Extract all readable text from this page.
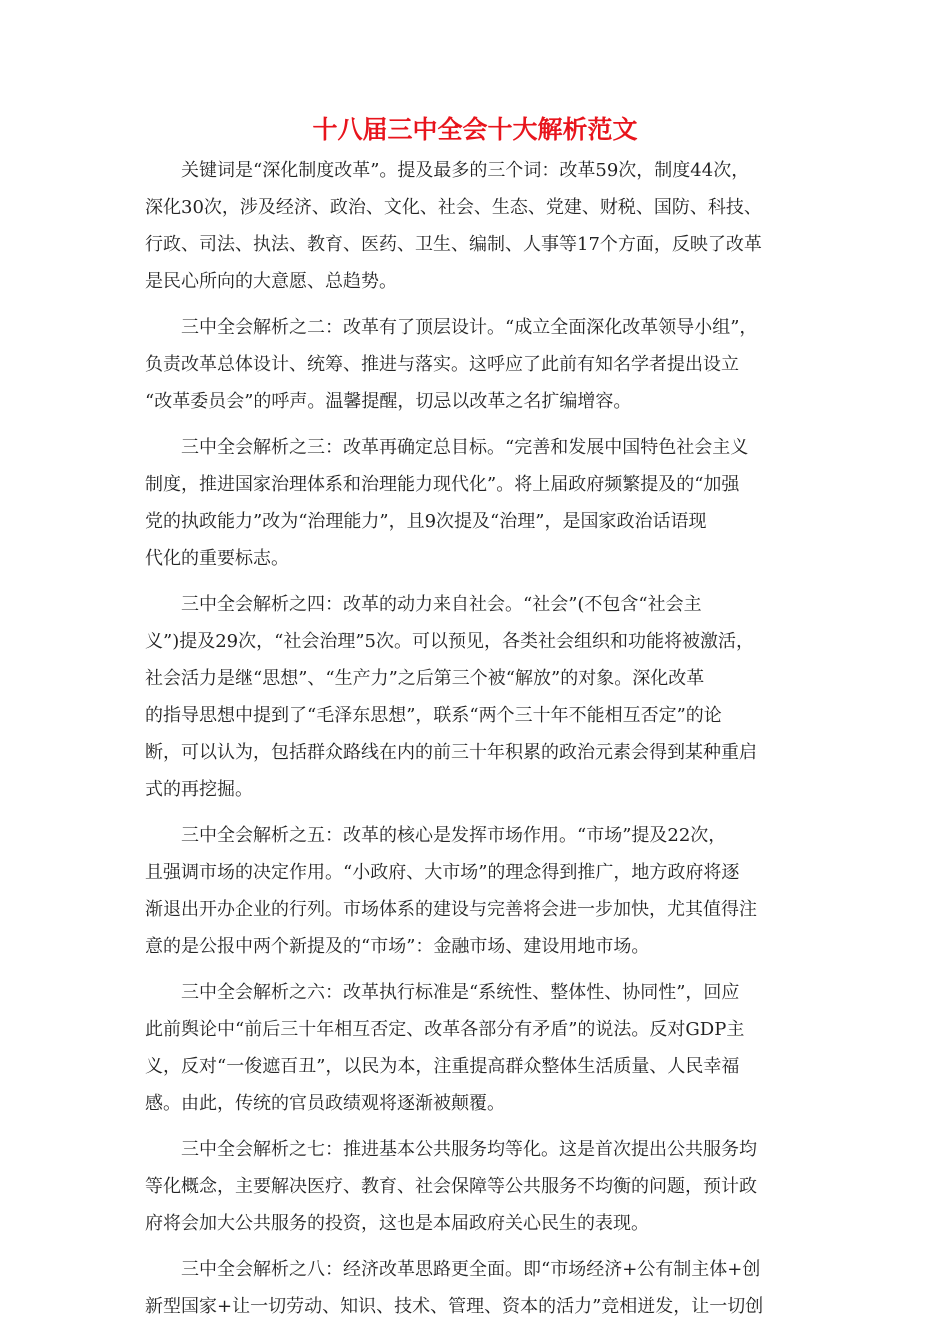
十八届三中全会十大解析范文

　　关键词是“深化制度改革”。提及最多的三个词：改革59次，制度44次，
深化30次，涉及经济、政治、文化、社会、生态、党建、财税、国防、科技、
行政、司法、执法、教育、医药、卫生、编制、人事等17个方面，反映了改革
是民心所向的大意愿、总趋势。

　　三中全会解析之二：改革有了顶层设计。“成立全面深化改革领导小组”，
负责改革总体设计、统筹、推进与落实。这呼应了此前有知名学者提出设立
“改革委员会”的呼声。温馨提醒，切忌以改革之名扩编增容。

　　三中全会解析之三：改革再确定总目标。“完善和发展中国特色社会主义
制度，推进国家治理体系和治理能力现代化”。将上届政府频繁提及的“加强
党的执政能力”改为“治理能力”，且9次提及“治理”，是国家政治话语现
代化的重要标志。

　　三中全会解析之四：改革的动力来自社会。“社会”(不包含“社会主
义”)提及29次，“社会治理”5次。可以预见，各类社会组织和功能将被激活，
社会活力是继“思想”、“生产力”之后第三个被“解放”的对象。深化改革
的指导思想中提到了“毛泽东思想”，联系“两个三十年不能相互否定”的论
断，可以认为，包括群众路线在内的前三十年积累的政治元素会得到某种重启
式的再挖掘。

　　三中全会解析之五：改革的核心是发挥市场作用。“市场”提及22次，
且强调市场的决定作用。“小政府、大市场”的理念得到推广，地方政府将逐
渐退出开办企业的行列。市场体系的建设与完善将会进一步加快，尤其值得注
意的是公报中两个新提及的“市场”：金融市场、建设用地市场。

　　三中全会解析之六：改革执行标准是“系统性、整体性、协同性”，回应
此前舆论中“前后三十年相互否定、改革各部分有矛盾”的说法。反对GDP主
义，反对“一俊遮百丑”，以民为本，注重提高群众整体生活质量、人民幸福
感。由此，传统的官员政绩观将逐渐被颠覆。

　　三中全会解析之七：推进基本公共服务均等化。这是首次提出公共服务均
等化概念，主要解决医疗、教育、社会保障等公共服务不均衡的问题，预计政
府将会加大公共服务的投资，这也是本届政府关心民生的表现。

　　三中全会解析之八：经济改革思路更全面。即“市场经济+公有制主体+创
新型国家+让一切劳动、知识、技术、管理、资本的活力”竞相迸发，让一切创
